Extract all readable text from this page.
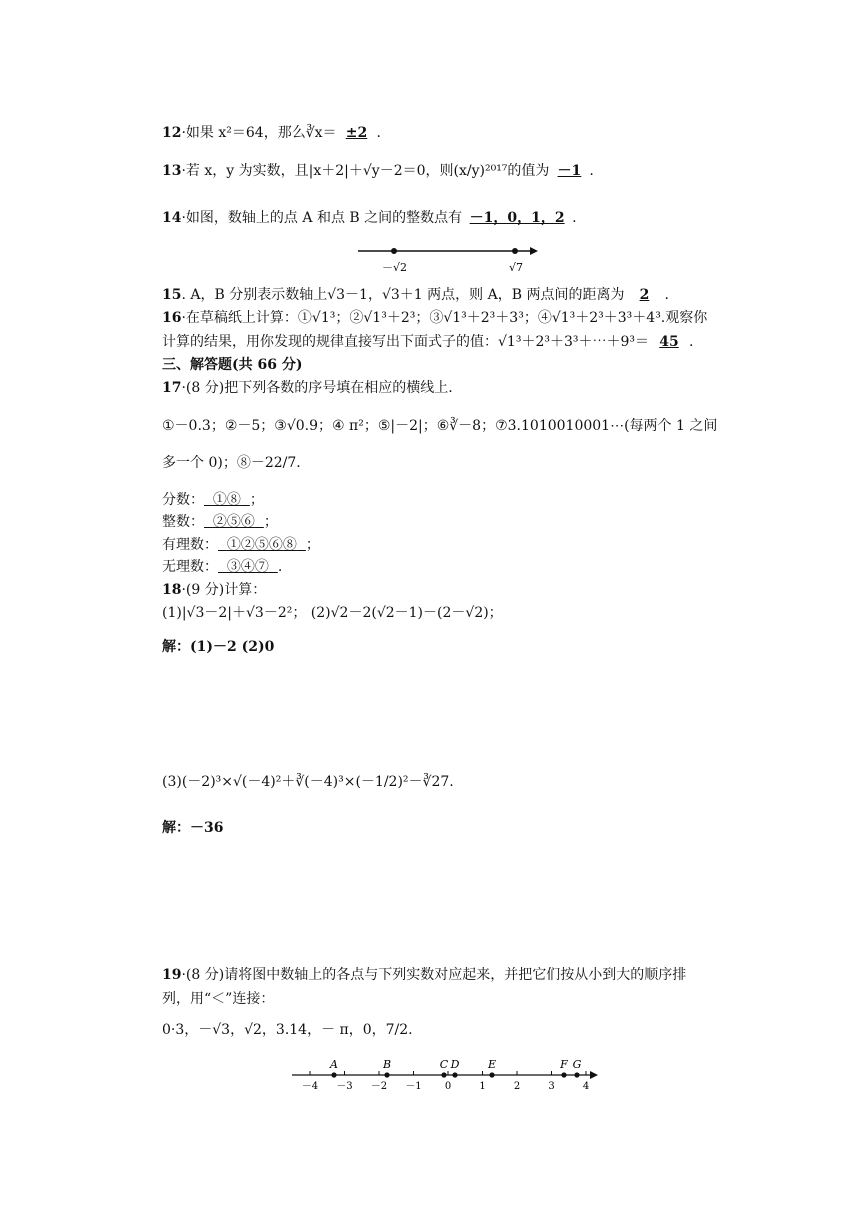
12·如果 x²＝64，那么∛x＝ ±2 .
13·若 x，y 为实数，且|x＋2|＋√y－2＝0，则(x/y)²⁰¹⁷的值为 －1 .
14·如图，数轴上的点 A 和点 B 之间的整数点有 －1，0，1，2 .
－√2	√7
15. A，B 分别表示数轴上√3－1，√3＋1 两点，则 A，B 两点间的距离为 2 .
16·在草稿纸上计算：①√1³；②√1³＋2³；③√1³＋2³＋3³；④√1³＋2³＋3³＋4³.观察你
计算的结果，用你发现的规律直接写出下面式子的值：√1³＋2³＋3³＋⋯＋9³＝ 45 .
三、解答题(共 66 分)
17·(8 分)把下列各数的序号填在相应的横线上.
①－0.3；②－5；③√0.9；④ π²；⑤|－2|；⑥∛－8；⑦3.1010010001⋯(每两个 1 之间
多一个 0)；⑧－22/7.
分数： ①⑧ ；
整数： ②⑤⑥ ；
有理数： ①②⑤⑥⑧ ；
无理数： ③④⑦ .
18·(9 分)计算：
(1)|√3－2|＋√3－2²； (2)√2－2(√2－1)－(2－√2)；
解：(1)－2 (2)0
(3)(－2)³×√(－4)²＋∛(－4)³×(－1/2)²－∛27.
解：－36
19·(8 分)请将图中数轴上的各点与下列实数对应起来，并把它们按从小到大的顺序排
列，用“＜”连接：
0·3，－√3，√2，3.14，－ π，0，7/2.
－4 －3 －2 －1 0	1	2	3	4
A	B	C D	E	F G
